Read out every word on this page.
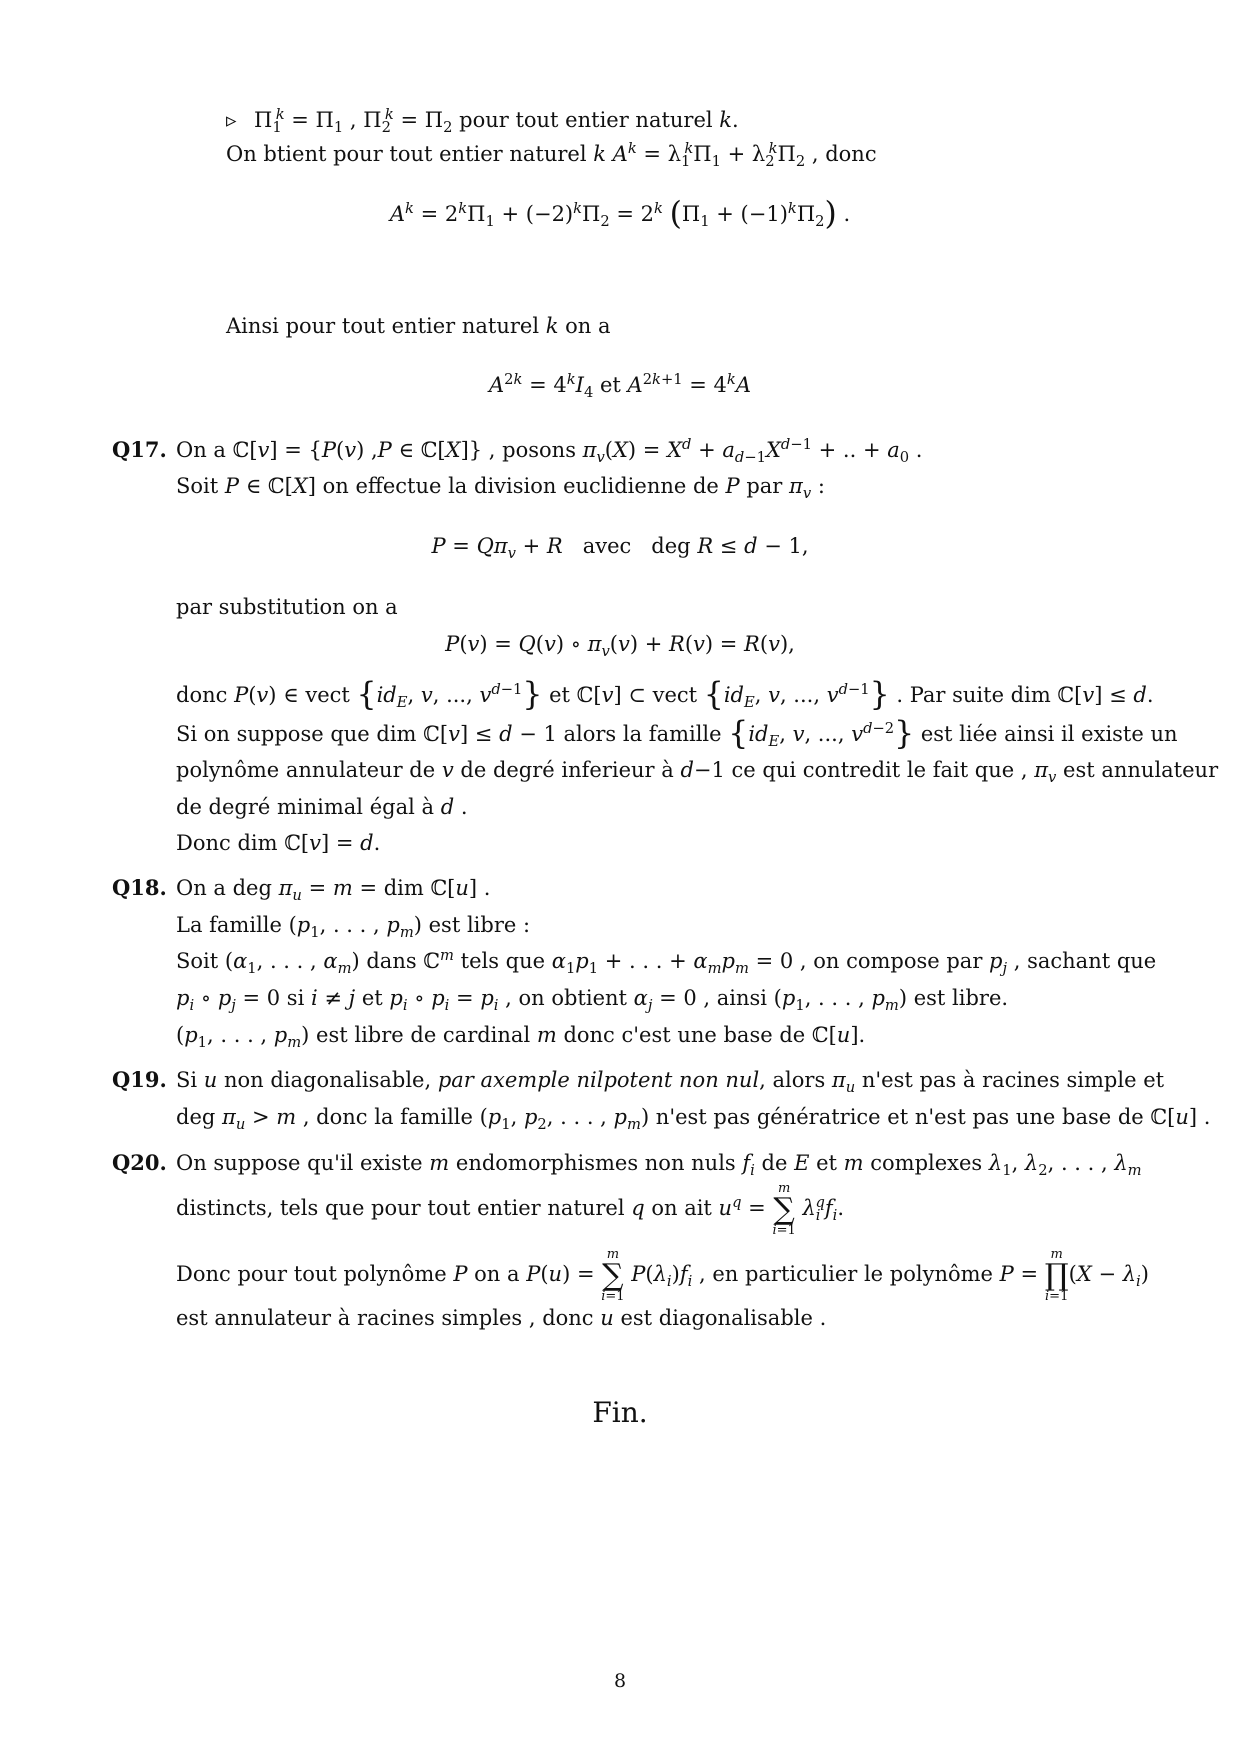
▹ $\Pi_1^k = \Pi_1$ , $\Pi_2^k = \Pi_2$ pour tout entier naturel k.
On btient pour tout entier naturel k $A^k = \lambda_1^k\Pi_1 + \lambda_2^k\Pi_2$ , donc
$A^k = 2^k\Pi_1 + (-2)^k\Pi_2 = 2^k$ $(\Pi_1 + (-1)^k\Pi_2)$ .
Ainsi pour tout entier naturel k on a
$A^{2k} = 4^kI_4$ et $A^{2k+1} = 4^kA$
Q17. On a ℂ[v] = {P(v) ,P ∈ ℂ[X]} , posons $\pi_v(X) = X^d + a_{d-1}X^{d-1}$ + .. + $a_0$ .
Soit P ∈ ℂ[X] on effectue la division euclidienne de P par $\pi_v$ :
$P = Q\pi_v + R$   avec   deg R ≤ d − 1,
par substitution on a
P(v) = Q(v) ∘ $\pi_v(v) + R(v) = R(v)$,
donc P(v) ∈ vect {$id_E$, v, ..., $v^{d-1}$} et ℂ[v] ⊂ vect {$id_E$, v, ..., $v^{d-1}$} . Par suite dim ℂ[v] ≤ d.
Si on suppose que dim ℂ[v] ≤ d − 1 alors la famille {$id_E$, v, ..., $v^{d-2}$} est liée ainsi il existe un
polynôme annulateur de v de degré inferieur à d−1 ce qui contredit le fait que , $\pi_v$ est annulateur
de degré minimal égal à d .
Donc dim ℂ[v] = d.
Q18. On a deg $\pi_u = m$ = dim ℂ[u] .
La famille ($p_1$, . . . , $p_m$) est libre :
Soit ($\alpha_1$, . . . , $\alpha_m$) dans ℂ$^m$ tels que $\alpha_1p_1$ + . . . + $\alpha_mp_m = 0$ , on compose par $p_j$ , sachant que
$p_i$ ∘ $p_j = 0$ si i ≠ j et $p_i$ ∘ $p_i = p_i$ , on obtient $\alpha_j = 0$ , ainsi ($p_1$, . . . , $p_m$) est libre.
($p_1$, . . . , $p_m$) est libre de cardinal m donc c'est une base de ℂ[u].
Q19. Si u non diagonalisable, par axemple nilpotent non nul, alors $\pi_u$ n'est pas à racines simple et
deg $\pi_u > m$ , donc la famille ($p_1$, $p_2$, . . . , $p_m$) n'est pas génératrice et n'est pas une base de ℂ[u] .
Q20. On suppose qu'il existe m endomorphismes non nuls $f_i$ de E et m complexes $\lambda_1$, $\lambda_2$, . . . , $\lambda_m$
distincts, tels que pour tout entier naturel q on ait $u^q$ =
m
∑
i=1
$\lambda_i^qf_i$.
Donc pour tout polynôme P on a P(u) =
m
∑
i=1
$P(\lambda_i)f_i$ , en particulier le polynôme P =
m
∏
i=1
$(X - \lambda_i)$
est annulateur à racines simples , donc u est diagonalisable .
Fin.
8
